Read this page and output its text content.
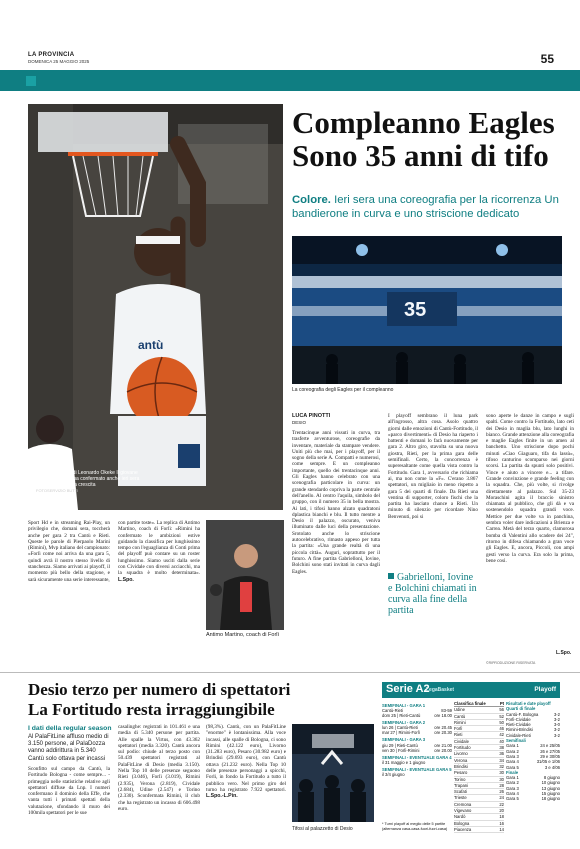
LA PROVINCIA
DOMENICA 25 MAGGIO 2025	55
antù
Una schiacciata di Leonardo Okeke Il giovane centro canturino ha confermato anche ieri sera di essere in rapida crescita
FOTOSERVIZIO BUTTI
Compleanno Eagles
Sono 35 anni di tifo
Colore. Ieri sera una coreografia per la ricorrenza Un bandierone in curva e uno striscione dedicato
35
La coreografia degli Eagles per il compleanno
LUCA PINOTTI
DESIO
Trentacinque anni vissuti in curva, tra trasferte avventurose, coreografie da inventare, materiale da stampare vendere. Uniti più che mai, per i playoff, per il sogno della serie A. Compatti e numerosi, come sempre. E un compleanno importante, quello dei trentacinque anni. Gli Eagles hanno celebrato con una scenografia particolare in curva: un grande stendardo copriva la parte centrale dell'anello. Al centro l'aquila, simbolo del gruppo, con il numero 35 in bella mostra. Ai lati, i tifosi hanno alzato quadratoni dplastica bianchi e blu. Il tutto mentre a Desio il palazzo, oscurato, veniva illuminato dalle luci della presentazione. Srotolato anche lo striscione autocelebrativo, rimasto appeso per tutta la partita: «Una grande realtà di una piccola città». Auguri, soprattutto per il futuro. A fine partita Gabrielloni, Iovine, Bolchini sono stati invitati in curva dagli Eagles.
I playoff sembrano il luna park all'ingrosso, altra cosa. Asolo quattro giorni dalle emozioni di Cantù-Fortitudo, il «parco divertimenti» di Desio ha riaperto i battenti e domani lo farà nuovamente per gara 2. Altro giro, stavolta su una nuova giostra, Rieti, per la prima gara delle semifinali. Certo, la concorrenza è superesaltante come quella vista contro la Fortitudo. Gara 1, avversario che richiama ai, ma non come la «F». C'erano 3.867 spettatori, un migliaio in meno rispetto a gara 5 dei quarti di finale. Da Rieti una ventina di supporter, coloro fischi che la partita ha lasciato chance a Rieti. Un minuto di silenzio per ricordare Nino Benvenuti, poi si
Gabrielloni, Iovine e Bolchini chiamati in curva alla fine della partita
sono aperte le danze in campo e sugli spalti. Come contro la Fortitudo, lato ceti dei Desio in maglia blu, lato lunghi in bianco. Grande attenzione alla coreografia e maglie Eagles finite in un amen al banchetto. Uno striscione dopo pochi minuti «Ciao Giaguaro, tifa da lassù», tifoso canturino scomparso nei giorni scorsi. La partita da spunti solo positivi. Vince e aiuto a vincere e... a tifare. Grande convinzione e grande feeling con la squadra. Che, più volte, si rivolge direttamente al palazzo. Sul 35-23 Moraschini agita il braccio sinistro chiamata al pubblico, che gli dà e va sostenendolo squadra grandi voce. Mettice per due volte va in panchina, sembra voler dare indicazioni a Brienza e Carrea. Metà del terzo quarto, clamorosa bomba di Valentini allo scadere dei 24", ritorno in difesa chiamando a gran voce gli Eagles. E, ancora, Piccoli, con ampi gesti verso la curva. Era solo la prima, bene così.
L.Spo.
©RIPRODUZIONE RISERVATA
Sport Hd e in streaming Rai-Play, un privilegio che, domani sera, toccherà anche per gara 2 tra Cantù e Rieti. Queste le parole di Pierpaolo Marini (Rimini), Mvp italiano del campionato: «Forlì come noi arriva da una gara 5, quindi avrà il nostro stesso livello di stanchezza. Siamo arrivati ai playoff, il momento più bello della stagione, e sarà sicuramente una serie interessante,
con partite toste». La replica di Antimo Martino, coach di Forlì: «Rimini ha confermato le ambizioni estive guidando la classifica per lunghissimo tempo con l'eguaglianza di Conti prima del playoff può contare su un roster lunghissimo. Siamo usciti dalla serie con Cividale con diversi acciacchi, ma la squadra è molto determinata». L.Spo.
Antimo Martino, coach di Forlì
Desio terzo per numero di spettatori
La Fortitudo resta irraggiungibile
I dati della regular season
Al PalaFitLine affluso medio di 3.150 persone, al PalaDozza vanno addirittura in 5.340 Cantù solo ottava per incassi
Sconfitto sul campo da Cantù, la Fortitudo Bologna - come sempre... - primeggia nelle statistiche relative agli spettatori diffuse da Lnp. I numeri confermano il dominio della Effe, che vanta tutti i primati spettati della valutazione, sfondando il muro dei 100mila spettatori per le sue
casalinghe: registrati in 101.461 e una media di 5.340 persone per partita. Alle spalle la Virtus, con 43.362 spettatori (media 3.320). Cantù ancora sul podio: chiude al terzo posto con 50.439 spettatori registrati al PalaFitLine di Desio (media 3.150). Nella Top 10 delle presenze seguono Rieti (3.046), Forlì (3.019), Rimini (2.935), Verona (2.819), Cividale (2.684), Udine (2.547) e Torino (2.330). Sconfermata Rimini, il club che ha registrato un incasso di 606.498 euro.
(98,3%). Cantù, con un PalaFitLine "enorme" è lontanissima. Alla voce incassi, alle spalle di Bologna, ci sono Rimini (42.122 euro), Livorno (31.283 euro), Pesaro (30.982 euro) e Brindisi (29.693 euro), con Cantù ottava (21.232 euro). Nella Top 10 delle presenze personaggi a spicchi, Forli, in fondo la Fortitudo a tutto il pubblico vero. Nel primo giro del turno ha registrato 7.922 spettatori. L.Spo.-L.Pin.
Tifosi al palazzetto di Desio
Serie A2
LegaBasket	Playoff
SEMIFINALI - GARA 1
Cantù-Rieti	83-59
dom 25 | Rieti-Cantù	ore 18.00
SEMIFINALI - GARA 2
lun 26 | Cantù-Rieti	ore 20.45
mar 27 | Rimini-Forlì	ore 20.30
SEMIFINALI - GARA 3
giu 29 | Rieti-Cantù	ore 21.00
ven 30 | Forlì-Rimini	ore 20.00
SEMIFINALI - EVENTUALE GARA 4
il 31 maggio e 1 giugno
SEMIFINALI - EVENTUALE GARA 5
il 3/4 giugno
* Turni playoff al meglio delle 5 partite (alternanza casa-casa-fuori-fuori-casa)
Classifica finale	Pt
Udine	56
Cantù	52
Rimini	50
Forlì	46
Rieti	42
Cividale	40
Fortitudo	38
Livorno	36
Verona	34
Brindisi	32
Pesaro	30
Torino	30
Trapani	28
Scafati	26
Trieste	24
Cremona	22
Vigevano	20
Nardò	18
Bologna	16
Piacenza	14
Risultati e date playoff
Quarti di finale
Cantù-F. Bologna	3-2
Forlì-Cividale	3-2
Rieti-Cividale	3-0
Rimini-Brindisi	3-2
Cividale-Rieti	3-2
Semifinali
Gara 1	24 e 25/05
Gara 2	26 e 27/05
Gara 3	29 e 30/05
Gara 4	31/05 e 1/06
Gara 5	3 e 4/06
Finale
Gara 1	8 giugno
Gara 2	10 giugno
Gara 3	13 giugno
Gara 4	15 giugno
Gara 5	18 giugno
